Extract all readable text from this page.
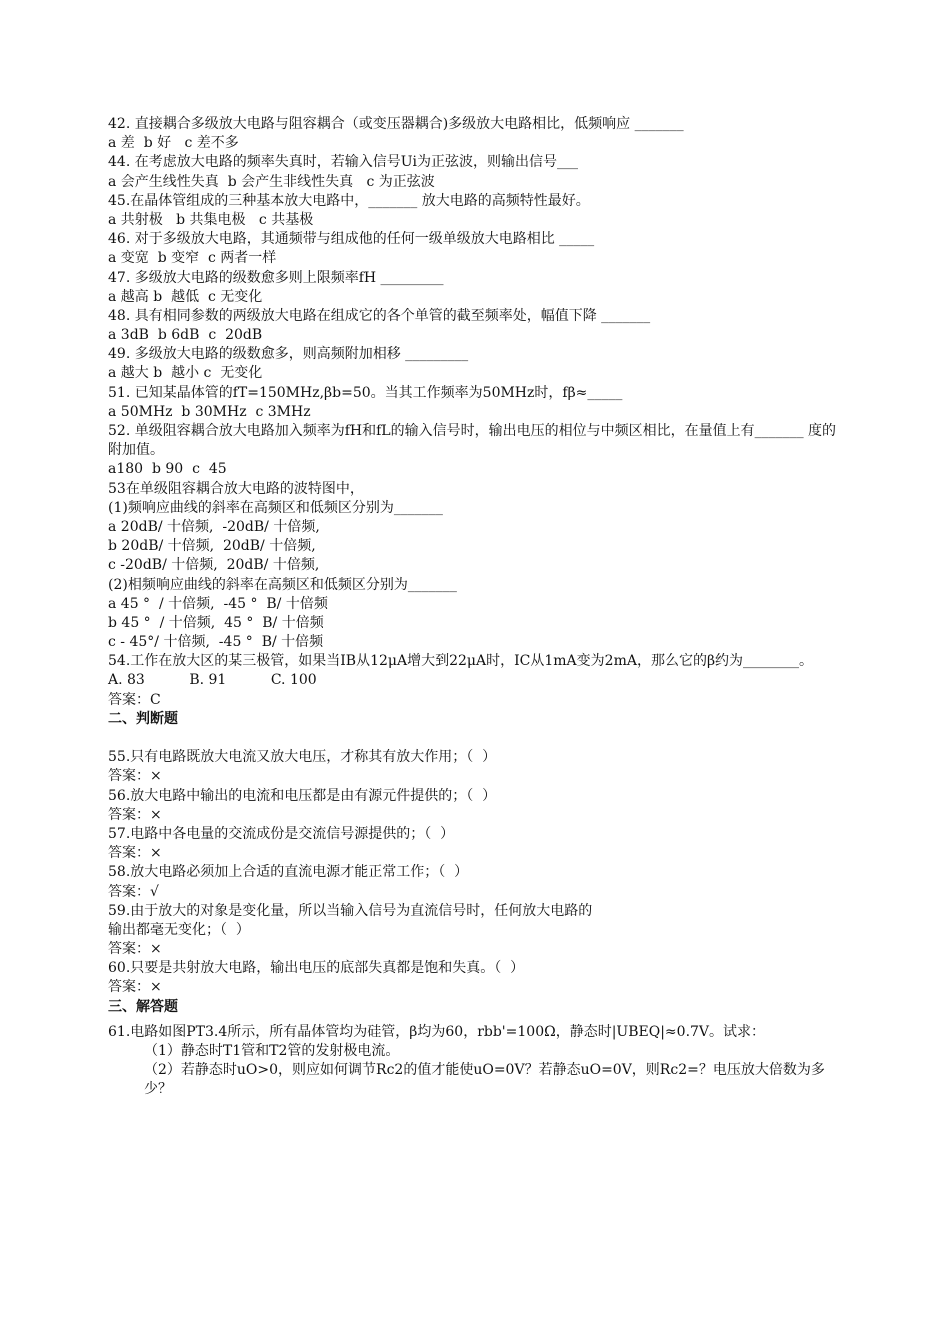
42. 直接耦合多级放大电路与阻容耦合（或变压器耦合)多级放大电路相比，低频响应 _______
a 差  b 好   c 差不多
44. 在考虑放大电路的频率失真时，若输入信号Ui为正弦波，则输出信号___
a 会产生线性失真  b 会产生非线性失真   c 为正弦波
45.在晶体管组成的三种基本放大电路中，_______ 放大电路的高频特性最好。
a 共射极   b 共集电极   c 共基极
46. 对于多级放大电路，其通频带与组成他的任何一级单级放大电路相比 _____
a 变宽  b 变窄  c 两者一样
47. 多级放大电路的级数愈多则上限频率fH _________
a 越高 b  越低  c 无变化
48. 具有相同参数的两级放大电路在组成它的各个单管的截至频率处，幅值下降 _______
a 3dB  b 6dB  c  20dB
49. 多级放大电路的级数愈多，则高频附加相移 _________
a 越大 b  越小 c  无变化
51. 已知某晶体管的fT=150MHz,βb=50。当其工作频率为50MHz时，fβ≈_____
a 50MHz  b 30MHz  c 3MHz
52. 单级阻容耦合放大电路加入频率为fH和fL的输入信号时，输出电压的相位与中频区相比，在量值上有_______ 度的附加值。
a180  b 90  c  45
53在单级阻容耦合放大电路的波特图中，
(1)频响应曲线的斜率在高频区和低频区分别为_______
a 20dB/ 十倍频,  -20dB/ 十倍频,
b 20dB/ 十倍频,  20dB/ 十倍频,
c -20dB/ 十倍频,  20dB/ 十倍频,
(2)相频响应曲线的斜率在高频区和低频区分别为_______
a 45 °  / 十倍频,  -45 °  B/ 十倍频
b 45 °  / 十倍频,  45 °  B/ 十倍频
c - 45°/ 十倍频,  -45 °  B/ 十倍频
54.工作在放大区的某三极管，如果当IB从12μA增大到22μA时，IC从1mA变为2mA，那么它的β约为________。
A. 83          B. 91          C. 100
答案：C
二、判断题
55.只有电路既放大电流又放大电压，才称其有放大作用；（  ）
答案：×
56.放大电路中输出的电流和电压都是由有源元件提供的；（  ）
答案：×
57.电路中各电量的交流成份是交流信号源提供的；（  ）
答案：×
58.放大电路必须加上合适的直流电源才能正常工作；（  ）
答案：√
59.由于放大的对象是变化量，所以当输入信号为直流信号时，任何放大电路的
输出都毫无变化；（  ）
答案：×
60.只要是共射放大电路，输出电压的底部失真都是饱和失真。（  ）
答案：×
三、解答题
61.电路如图PT3.4所示，所有晶体管均为硅管，β均为60，rbb'=100Ω，静态时|UBEQ|≈0.7V。试求：
（1）静态时T1管和T2管的发射极电流。
（2）若静态时uO>0，则应如何调节Rc2的值才能使uO=0V？若静态uO=0V，则Rc2=？电压放大倍数为多少？
